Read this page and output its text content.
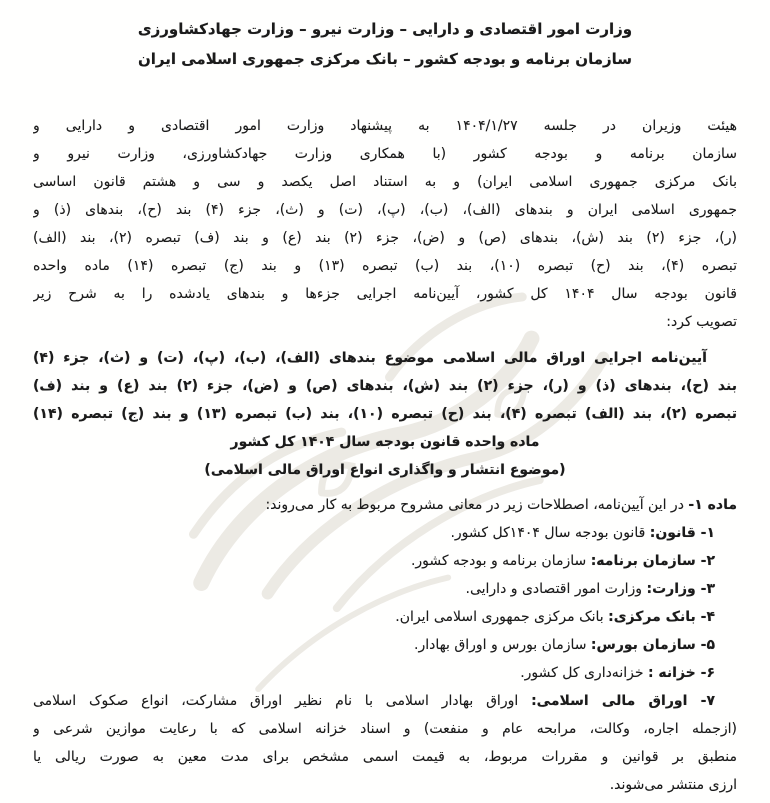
وزارت امور اقتصادی و دارایی – وزارت نیرو – وزارت جهادکشاورزی
سازمان برنامه و بودجه کشور – بانک مرکزی جمهوری اسلامی ایران
هیئت وزیران در جلسه ۱۴۰۴/۱/۲۷ به پیشنهاد وزارت امور اقتصادی و دارایی و
سازمان برنامه و بودجه کشور (با همکاری وزارت جهادکشاورزی، وزارت نیرو و
بانک مرکزی جمهوری اسلامی ایران) و به استناد اصل یکصد و سی و هشتم قانون اساسی
جمهوری اسلامی ایران و بندهای (الف)، (ب)، (پ)، (ت) و (ث)، جزء (۴) بند (ح)، بندهای (ذ) و
(ر)، جزء (۲) بند (ش)، بندهای (ص) و (ض)، جزء (۲) بند (ع) و بند (ف) تبصره (۲)، بند (الف)
تبصره (۴)، بند (ح) تبصره (۱۰)، بند (ب) تبصره (۱۳) و بند (ج) تبصره (۱۴) ماده واحده
قانون بودجه سال ۱۴۰۴ کل کشور، آیین‌نامه اجرایی جزءها و بندهای یادشده را به شرح زیر
تصویب کرد:
آیین‌نامه اجرایی اوراق مالی اسلامی موضوع بندهای (الف)، (ب)، (پ)، (ت) و (ث)، جزء (۴)
بند (ح)، بندهای (ذ) و (ر)، جزء (۲) بند (ش)، بندهای (ص) و (ض)، جزء (۲) بند (ع) و بند (ف)
تبصره (۲)، بند (الف) تبصره (۴)، بند (ح) تبصره (۱۰)، بند (ب) تبصره (۱۳) و بند (ج) تبصره (۱۴)
ماده واحده قانون بودجه سال ۱۴۰۴ کل کشور
(موضوع انتشار و واگذاری انواع اوراق مالی اسلامی)
ماده ۱- در این آیین‌نامه، اصطلاحات زیر در معانی مشروح مربوط به کار می‌روند:
۱- قانون: قانون بودجه سال ۱۴۰۴کل کشور.
۲- سازمان برنامه: سازمان برنامه و بودجه کشور.
۳- وزارت: وزارت امور اقتصادی و دارایی.
۴- بانک مرکزی: بانک مرکزی جمهوری اسلامی ایران.
۵- سازمان بورس: سازمان بورس و اوراق بهادار.
۶- خزانه : خزانه‌داری کل کشور.
۷- اوراق مالی اسلامی: اوراق بهادار اسلامی با نام نظیر اوراق مشارکت، انواع صکوک اسلامی
(ازجمله اجاره، وکالت، مرابحه عام و منفعت) و اسناد خزانه اسلامی که با رعایت موازین شرعی و
منطبق بر قوانین و مقررات مربوط، به قیمت اسمی مشخص برای مدت معین به صورت ریالی یا
ارزی منتشر می‌شوند.
